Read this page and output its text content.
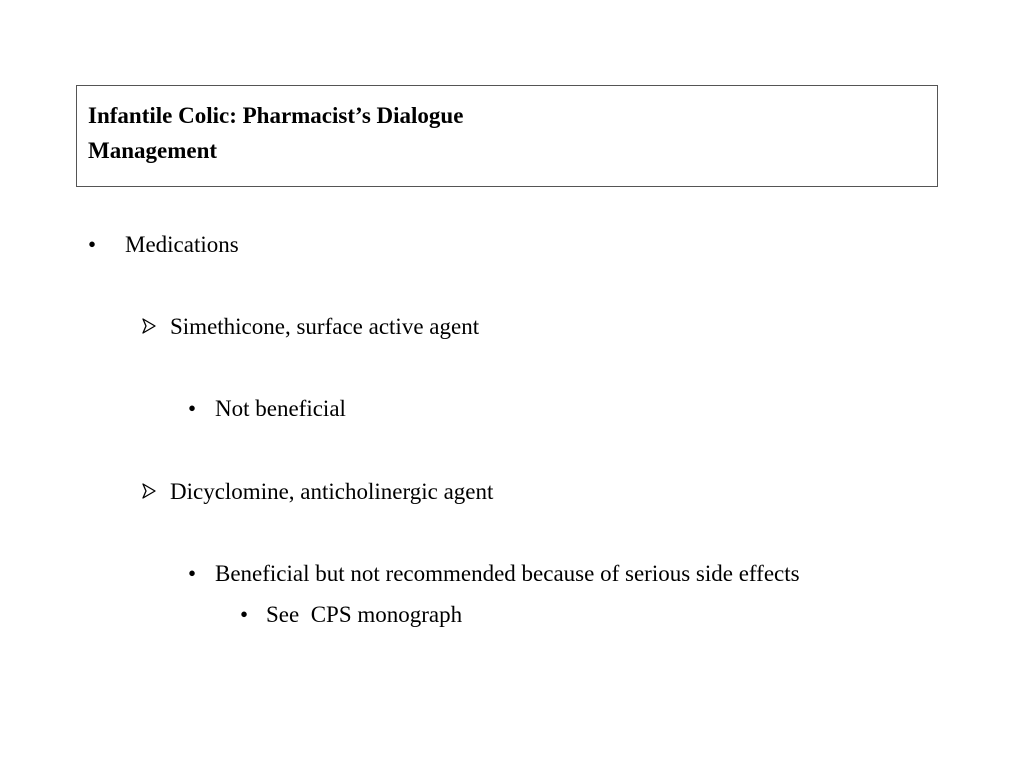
Infantile Colic: Pharmacist’s Dialogue
Management
• Medications
Simethicone, surface active agent
• Not beneficial
Dicyclomine, anticholinergic agent
• Beneficial but not recommended because of serious side effects
• See  CPS monograph
